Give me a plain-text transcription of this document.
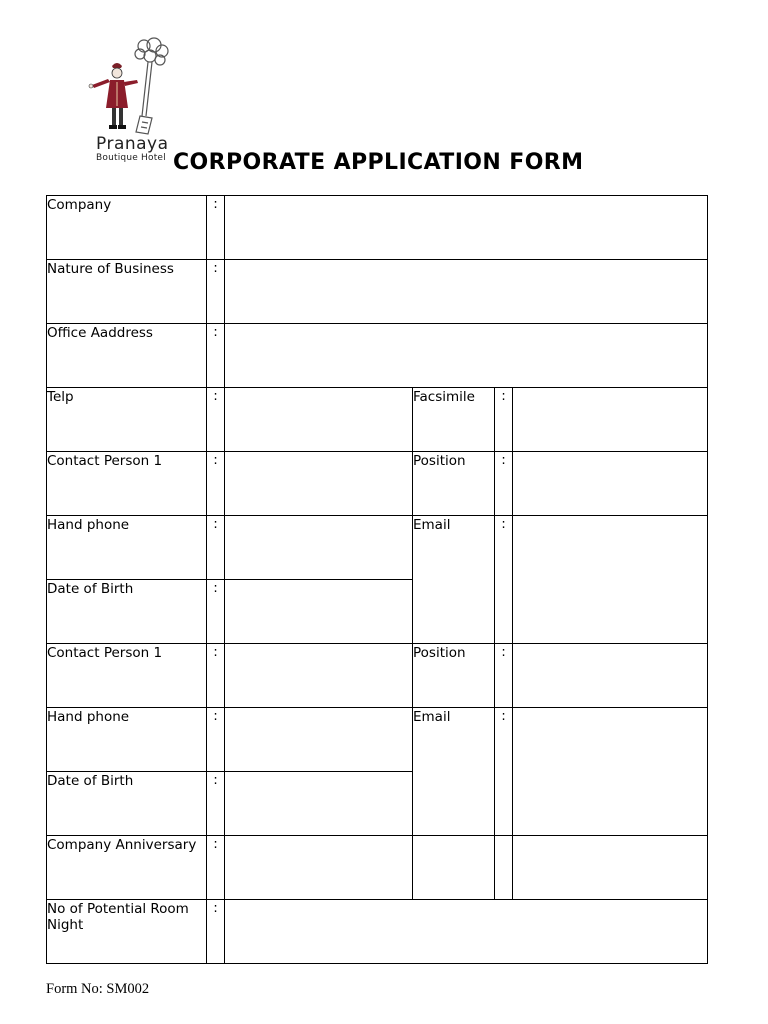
Pranaya
Boutique Hotel CORPORATE APPLICATION FORM
Company	:				

Nature of Business	:				

Office Aaddress	:				

Telp	:		Facsimile	:	

Contact Person 1	:		Position	:	

Hand phone	:		Email	:	

Date of Birth	:				

Contact Person 1	:		Position	:	

Hand phone	:		Email	:	

Date of Birth	:				

Company Anniversary	:				

No of Potential Room Night	:				
Form No: SM002
